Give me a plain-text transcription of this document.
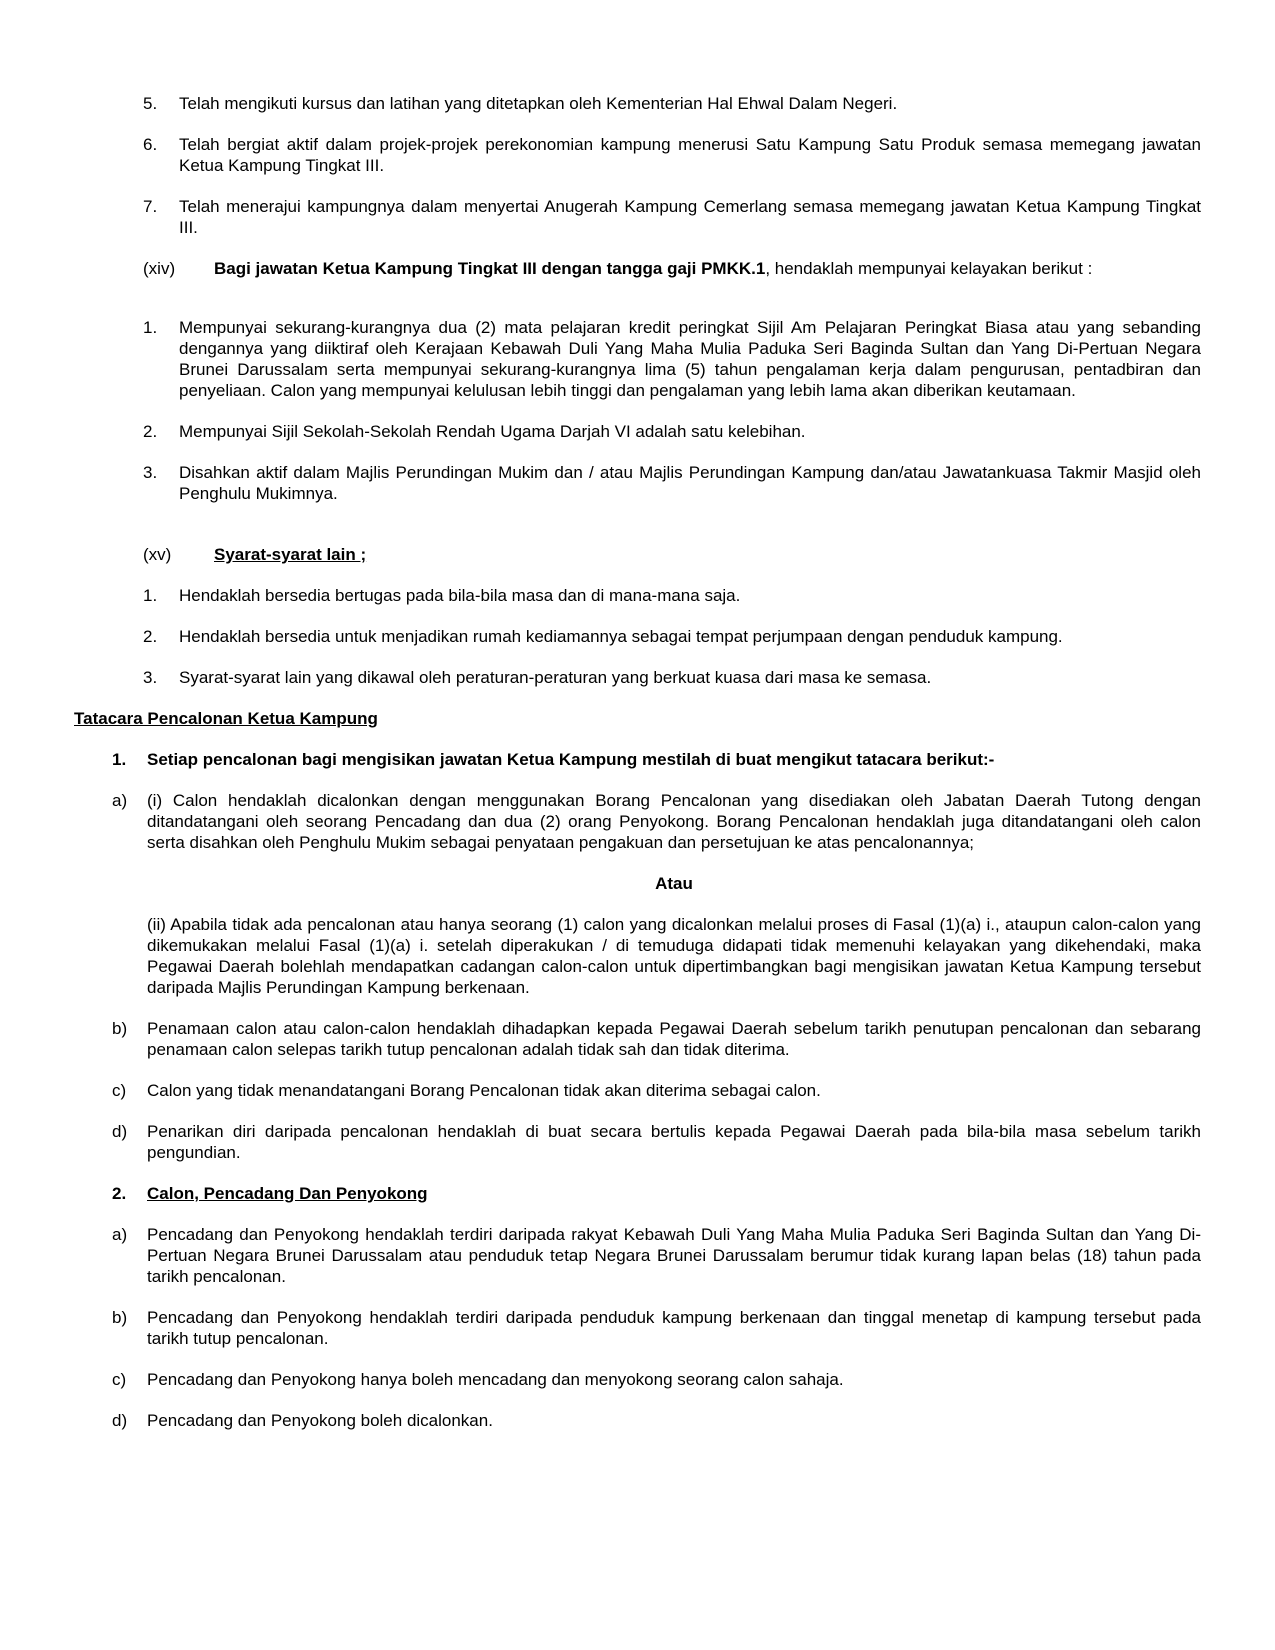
5.	Telah mengikuti kursus dan latihan yang ditetapkan oleh Kementerian Hal Ehwal Dalam Negeri.
6.	Telah bergiat aktif dalam projek-projek perekonomian kampung menerusi Satu Kampung Satu Produk semasa memegang jawatan Ketua Kampung Tingkat III.
7.	Telah menerajui kampungnya dalam menyertai Anugerah Kampung Cemerlang semasa memegang jawatan Ketua Kampung Tingkat III.
(xiv)	Bagi jawatan Ketua Kampung Tingkat III dengan tangga gaji PMKK.1, hendaklah mempunyai kelayakan berikut :
1.	Mempunyai sekurang-kurangnya dua (2) mata pelajaran kredit peringkat Sijil Am Pelajaran Peringkat Biasa atau yang sebanding dengannya yang diiktiraf oleh Kerajaan Kebawah Duli Yang Maha Mulia Paduka Seri Baginda Sultan dan Yang Di-Pertuan Negara Brunei Darussalam serta mempunyai sekurang-kurangnya lima (5) tahun pengalaman kerja dalam pengurusan, pentadbiran dan penyeliaan. Calon yang mempunyai kelulusan lebih tinggi dan pengalaman yang lebih lama akan diberikan keutamaan.
2.	Mempunyai Sijil Sekolah-Sekolah Rendah Ugama Darjah VI adalah satu kelebihan.
3.	Disahkan aktif dalam Majlis Perundingan Mukim dan / atau Majlis Perundingan Kampung dan/atau Jawatankuasa Takmir Masjid oleh Penghulu Mukimnya.
(xv)	Syarat-syarat lain ;
1.	Hendaklah bersedia bertugas pada bila-bila masa dan di mana-mana saja.
2.	Hendaklah bersedia untuk menjadikan rumah kediamannya sebagai tempat perjumpaan dengan penduduk kampung.
3.	Syarat-syarat lain yang dikawal oleh peraturan-peraturan yang berkuat kuasa dari masa ke semasa.
Tatacara Pencalonan Ketua Kampung
1.	Setiap pencalonan bagi mengisikan jawatan Ketua Kampung mestilah di buat mengikut tatacara berikut:-
a)	(i) Calon hendaklah dicalonkan dengan menggunakan Borang Pencalonan yang disediakan oleh Jabatan Daerah Tutong dengan ditandatangani oleh seorang Pencadang dan dua (2) orang Penyokong. Borang Pencalonan hendaklah juga ditandatangani oleh calon serta disahkan oleh Penghulu Mukim sebagai penyataan pengakuan dan persetujuan ke atas pencalonannya;
Atau
(ii) Apabila tidak ada pencalonan atau hanya seorang (1) calon yang dicalonkan melalui proses di Fasal (1)(a) i., ataupun calon-calon yang dikemukakan melalui Fasal (1)(a) i. setelah diperakukan / di temuduga didapati tidak memenuhi kelayakan yang dikehendaki, maka Pegawai Daerah bolehlah mendapatkan cadangan calon-calon untuk dipertimbangkan bagi mengisikan jawatan Ketua Kampung tersebut daripada Majlis Perundingan Kampung berkenaan.
b)	Penamaan calon atau calon-calon hendaklah dihadapkan kepada Pegawai Daerah sebelum tarikh penutupan pencalonan dan sebarang penamaan calon selepas tarikh tutup pencalonan adalah tidak sah dan tidak diterima.
c)	Calon yang tidak menandatangani Borang Pencalonan tidak akan diterima sebagai calon.
d)	Penarikan diri daripada pencalonan hendaklah di buat secara bertulis kepada Pegawai Daerah pada bila-bila masa sebelum tarikh pengundian.
2.	Calon, Pencadang Dan Penyokong
a)	Pencadang dan Penyokong hendaklah terdiri daripada rakyat Kebawah Duli Yang Maha Mulia Paduka Seri Baginda Sultan dan Yang Di-Pertuan Negara Brunei Darussalam atau penduduk tetap Negara Brunei Darussalam berumur tidak kurang lapan belas (18) tahun pada tarikh pencalonan.
b)	Pencadang dan Penyokong hendaklah terdiri daripada penduduk kampung berkenaan dan tinggal menetap di kampung tersebut pada tarikh tutup pencalonan.
c)	Pencadang dan Penyokong hanya boleh mencadang dan menyokong seorang calon sahaja.
d)	Pencadang dan Penyokong boleh dicalonkan.
